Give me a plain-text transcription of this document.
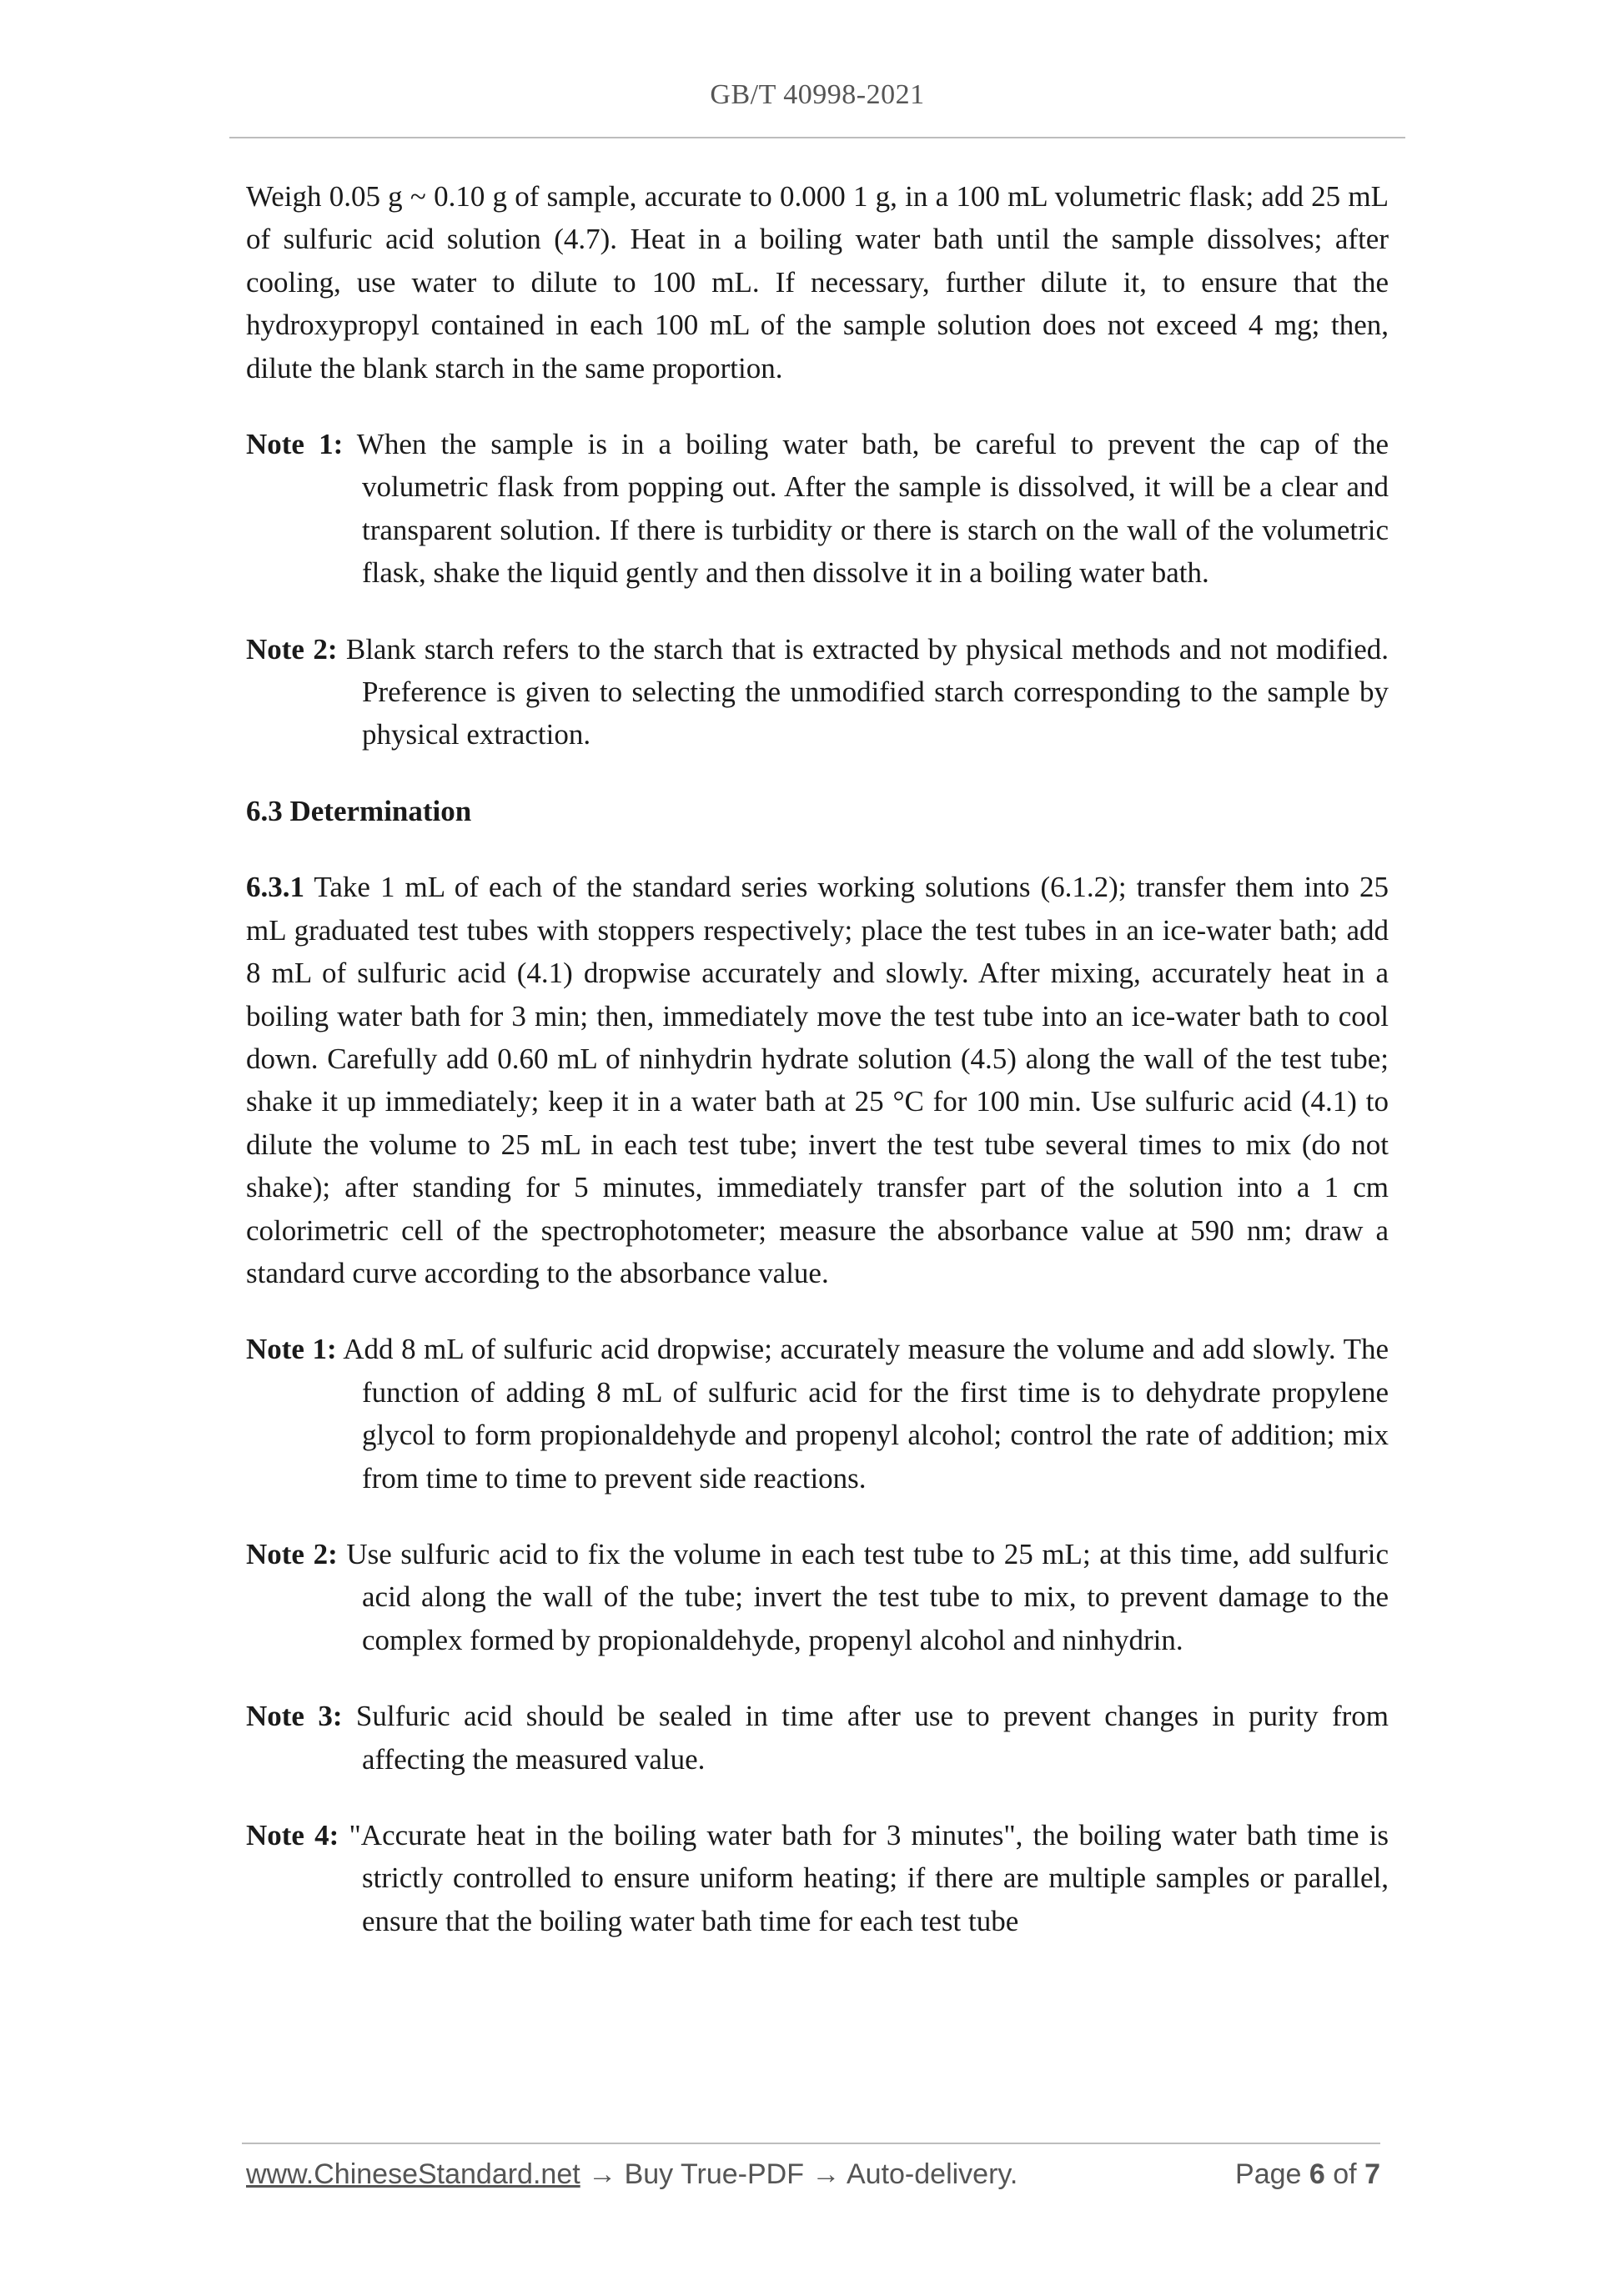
GB/T 40998-2021

Weigh 0.05 g ~ 0.10 g of sample, accurate to 0.000 1 g, in a 100 mL volumetric flask; add 25 mL of sulfuric acid solution (4.7). Heat in a boiling water bath until the sample dissolves; after cooling, use water to dilute to 100 mL. If necessary, further dilute it, to ensure that the hydroxypropyl contained in each 100 mL of the sample solution does not exceed 4 mg; then, dilute the blank starch in the same proportion.

Note 1: When the sample is in a boiling water bath, be careful to prevent the cap of the volumetric flask from popping out. After the sample is dissolved, it will be a clear and transparent solution. If there is turbidity or there is starch on the wall of the volumetric flask, shake the liquid gently and then dissolve it in a boiling water bath.

Note 2: Blank starch refers to the starch that is extracted by physical methods and not modified. Preference is given to selecting the unmodified starch corresponding to the sample by physical extraction.

6.3 Determination

6.3.1 Take 1 mL of each of the standard series working solutions (6.1.2); transfer them into 25 mL graduated test tubes with stoppers respectively; place the test tubes in an ice-water bath; add 8 mL of sulfuric acid (4.1) dropwise accurately and slowly. After mixing, accurately heat in a boiling water bath for 3 min; then, immediately move the test tube into an ice-water bath to cool down. Carefully add 0.60 mL of ninhydrin hydrate solution (4.5) along the wall of the test tube; shake it up immediately; keep it in a water bath at 25 °C for 100 min. Use sulfuric acid (4.1) to dilute the volume to 25 mL in each test tube; invert the test tube several times to mix (do not shake); after standing for 5 minutes, immediately transfer part of the solution into a 1 cm colorimetric cell of the spectrophotometer; measure the absorbance value at 590 nm; draw a standard curve according to the absorbance value.

Note 1: Add 8 mL of sulfuric acid dropwise; accurately measure the volume and add slowly. The function of adding 8 mL of sulfuric acid for the first time is to dehydrate propylene glycol to form propionaldehyde and propenyl alcohol; control the rate of addition; mix from time to time to prevent side reactions.

Note 2: Use sulfuric acid to fix the volume in each test tube to 25 mL; at this time, add sulfuric acid along the wall of the tube; invert the test tube to mix, to prevent damage to the complex formed by propionaldehyde, propenyl alcohol and ninhydrin.

Note 3: Sulfuric acid should be sealed in time after use to prevent changes in purity from affecting the measured value.

Note 4: "Accurate heat in the boiling water bath for 3 minutes", the boiling water bath time is strictly controlled to ensure uniform heating; if there are multiple samples or parallel, ensure that the boiling water bath time for each test tube

www.ChineseStandard.net → Buy True-PDF → Auto-delivery.	Page 6 of 7
